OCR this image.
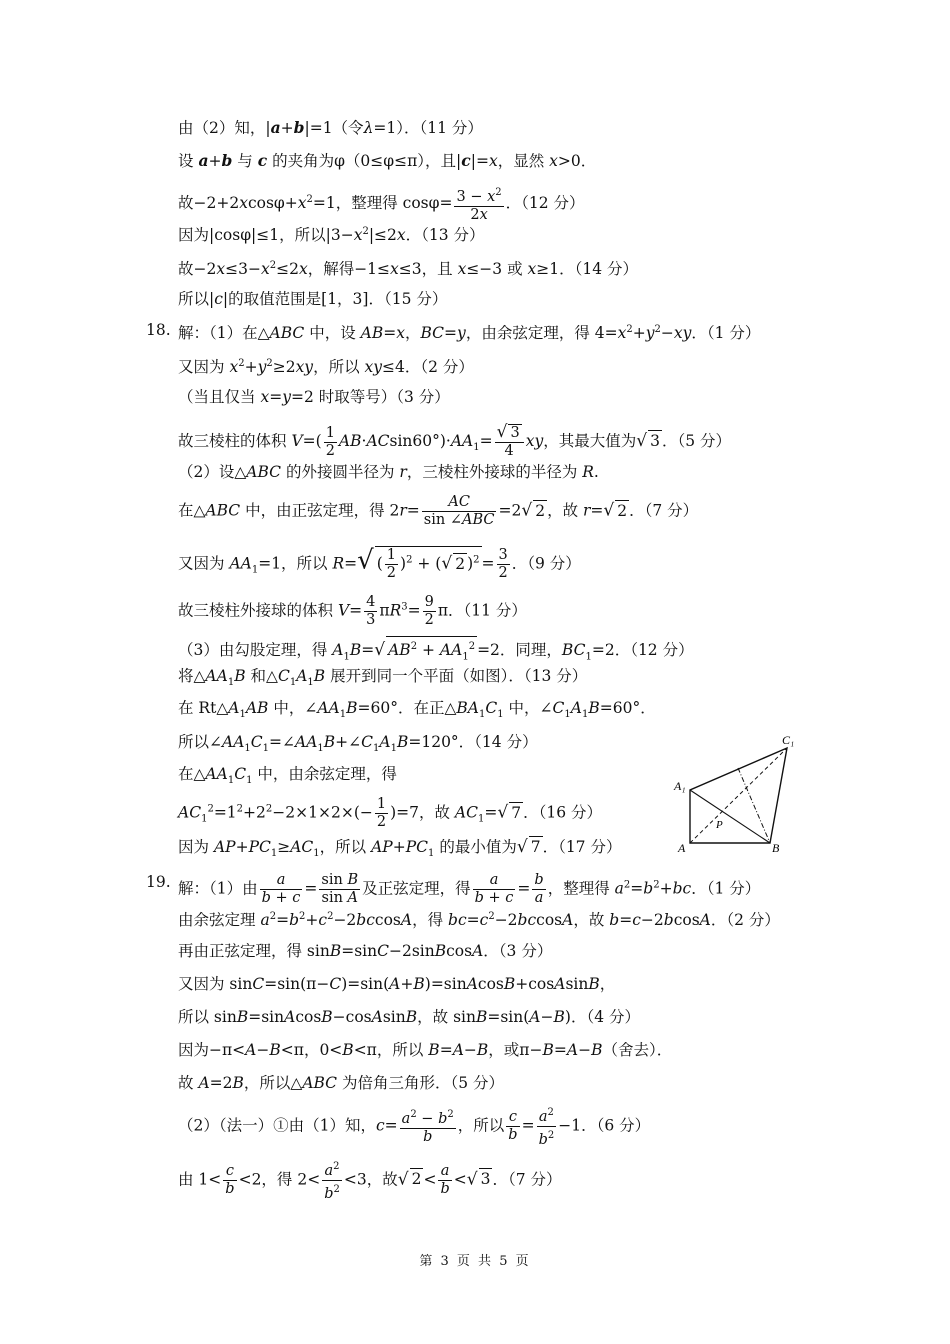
18.
19.
由（2）知，|a+b|=1（令λ=1）．（11 分）
设 a+b 与 c 的夹角为φ（0≤φ≤π），且|c|=x，显然 x>0．
故$-2+2xcos\varphi+x^2=1$，整理得 $\cos\varphi= \frac{3 - x^2}{2x}$ ．（12 分）
因为|cosφ|≤1，所以$|3-x^2|\le 2x$．（13 分）
故$-2x\le 3-x^2\le 2x$，解得−1≤x≤3，且 x≤−3 或 x≥1．（14 分）
所以|c|的取值范围是[1，3]．（15 分）
解：（1）在△ABC 中，设 AB=x，BC=y，由余弦定理，得 $4=x^2+y^2-xy$．（1 分）
又因为 $x^2+y^2\ge 2xy$，所以 xy≤4．（2 分）
（当且仅当 x=y=2 时取等号）（3 分）
故三棱柱的体积 $V=( \frac{1}{2} AB\cdot ACsin60^\circ)\cdot AA_1= \frac{√ 3}{4}$ xy，其最大值为√ 3 ．（5 分）
（2）设△ABC 的外接圆半径为 r，三棱柱外接球的半径为 R.
在△ABC 中，由正弦定理，得 $2r= \frac{AC}{\text{sin ∠ABC}} =2√$ 2 ，故 r=√ 2 ．（7 分）
又因为 $AA_1=1$，所以 R=√ ( $\frac{1}{2} )^2$ + (√ 2 )$^2 = \frac{3}{2}$ ．（9 分）
故三棱柱外接球的体积 $V= \frac{4}{3} \pi R^3= \frac{9}{2}$ π．（11 分）
（3）由勾股定理，得 $A_1B=√$ $AB^2 + AA_1^2 =2$．同理，$BC_1=2$．（12 分）
将$\triangle AA_1B$ 和$\triangle C_1A_1B$ 展开到同一个平面（如图）．（13 分）
在 $Rt\triangle A_1AB$ 中，$\angle AA_1B=60^\circ$．在正$\triangle BA_1C_1$ 中，$\angle C_1A_1B=60^\circ$．
所以$\angle AA_1C_1=\angle AA_1B+\angle C_1A_1B=120^\circ$．（14 分）
在$\triangle AA_1C_1$ 中，由余弦定理，得
$AC_1^2=1^2+2^2-2\times 1\times 2\times(- \frac{1}{2} )=7$，故 $AC_1=√$ 7 ．（16 分）
因为 $AP+PC_1\ge AC_1$，所以 $AP+PC_1$ 的最小值为√ 7 ．（17 分）
C₁
A₁
A	B
P
解：（1）由 $\frac{a}{b + c} = \frac{\text{sin B}}{\text{sin A}}$ 及正弦定理，得 $\frac{a}{b + c} = \frac{b}{a}$ ，整理得 $a^2=b^2+bc$．（1 分）
由余弦定理 $a^2=b^2+c^2-2bccosA$，得 $bc=c^2-2bccosA$，故 b=c−2bcosA．（2 分）
再由正弦定理，得 sinB=sinC−2sinBcosA．（3 分）
又因为 sinC=sin(π−C)=sin(A+B)=sinAcosB+cosAsinB，
所以 sinB=sinAcosB−cosAsinB，故 sinB=sin(A−B)．（4 分）
因为−π<A−B<π，0<B<π，所以 B=A−B，或π−B=A−B（舍去）．
故 A=2B，所以△ABC 为倍角三角形．（5 分）
（2）（法一）①由（1）知，$c= \frac{a^2 - b^2}{b}$ ，所以 $\frac{c}{b} = \frac{a^2}{b^2} -1$．（6 分）
由 $1< \frac{c}{b} <2$，得 $2< \frac{a^2}{b^2} <3$，故√ $2 < \frac{a}{b}$ <√ 3 ．（7 分）
第 3 页 共 5 页
